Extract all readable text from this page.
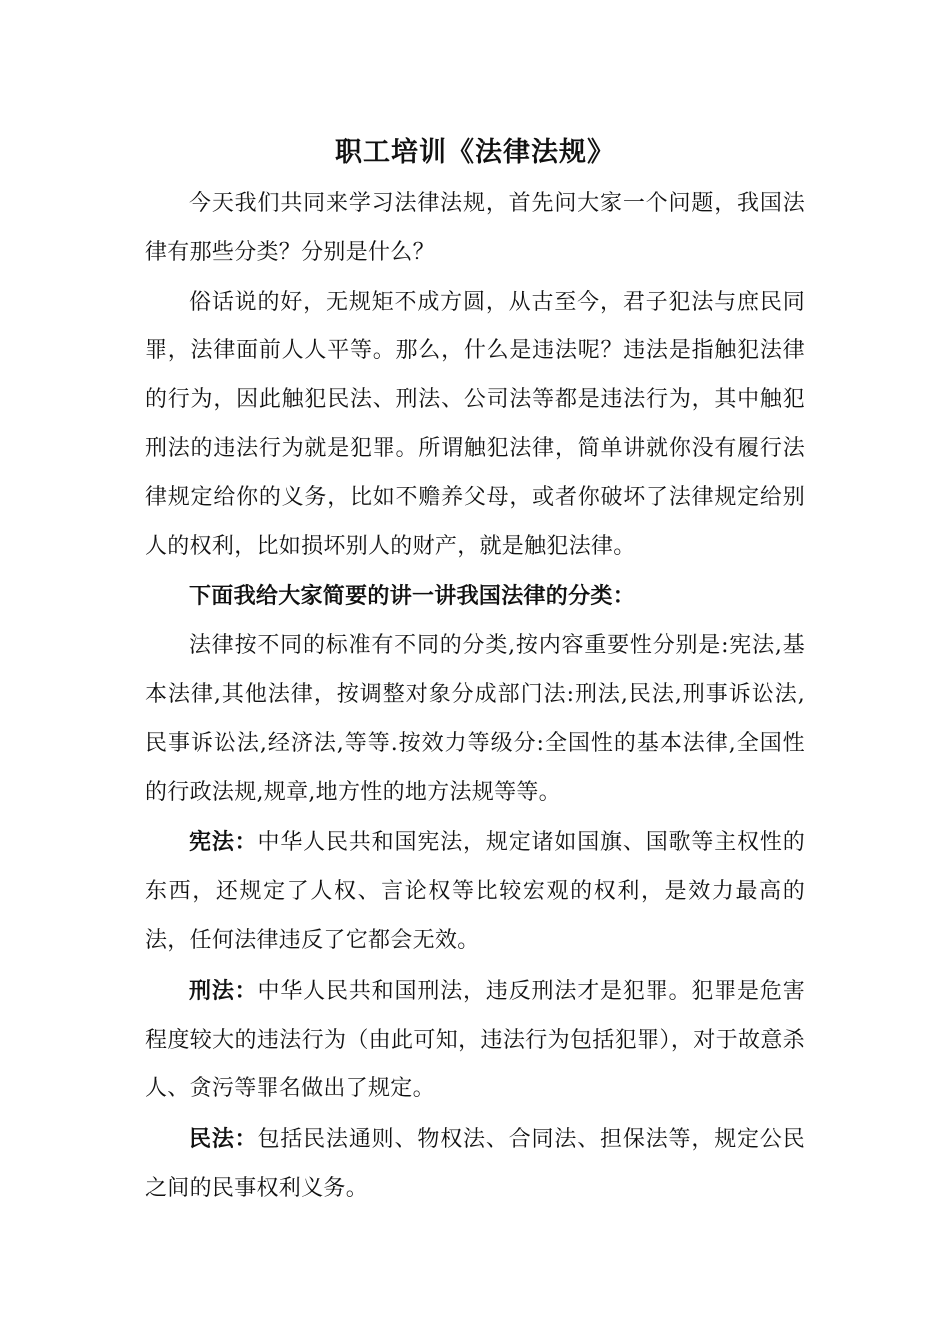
职工培训《法律法规》

今天我们共同来学习法律法规，首先问大家一个问题，我国法律有那些分类？分别是什么？

俗话说的好，无规矩不成方圆，从古至今，君子犯法与庶民同罪，法律面前人人平等。那么，什么是违法呢？违法是指触犯法律的行为，因此触犯民法、刑法、公司法等都是违法行为，其中触犯刑法的违法行为就是犯罪。所谓触犯法律，简单讲就你没有履行法律规定给你的义务，比如不赡养父母，或者你破坏了法律规定给别人的权利，比如损坏别人的财产，就是触犯法律。

下面我给大家简要的讲一讲我国法律的分类：

法律按不同的标准有不同的分类,按内容重要性分别是:宪法,基本法律,其他法律，按调整对象分成部门法:刑法,民法,刑事诉讼法,民事诉讼法,经济法,等等.按效力等级分:全国性的基本法律,全国性的行政法规,规章,地方性的地方法规等等。

宪法：中华人民共和国宪法，规定诸如国旗、国歌等主权性的东西，还规定了人权、言论权等比较宏观的权利，是效力最高的法，任何法律违反了它都会无效。

刑法：中华人民共和国刑法，违反刑法才是犯罪。犯罪是危害程度较大的违法行为（由此可知，违法行为包括犯罪），对于故意杀人、贪污等罪名做出了规定。

民法：包括民法通则、物权法、合同法、担保法等，规定公民之间的民事权利义务。
